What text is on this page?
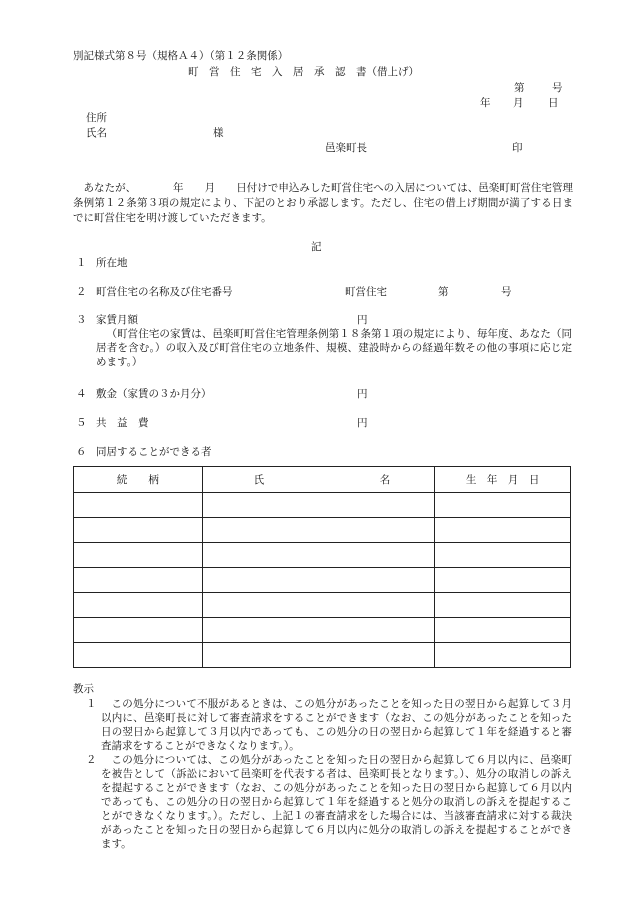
別記様式第８号（規格Ａ４）（第１２条関係）
町　営　住　宅　入　居　承　認　書（借上げ）
第	号
年 月 日
住所
氏名	様
邑楽町長	印
あなたが、　　　　年　　月　　日付けで申込みした町営住宅への入居については、邑楽町町営住宅管理条例第１２条第３項の規定により、下記のとおり承認します。ただし、住宅の借上げ期間が満了する日までに町営住宅を明け渡していただきます。
記
１ 所在地
２ 町営住宅の名称及び住宅番号	町営住宅	第	号
３ 家賃月額	円
（町営住宅の家賃は、邑楽町町営住宅管理条例第１８条第１項の規定により、毎年度、あなた（同居者を含む。）の収入及び町営住宅の立地条件、規模、建設時からの経過年数その他の事項に応じ定めます。）
４ 敷金（家賃の３か月分）	円
５ 共　益　費	円
６ 同居することができる者
続　　柄	氏 名	生　年　月　日

教示
１	この処分について不服があるときは、この処分があったことを知った日の翌日から起算して３月以内に、邑楽町長に対して審査請求をすることができます（なお、この処分があったことを知った日の翌日から起算して３月以内であっても、この処分の日の翌日から起算して１年を経過すると審査請求をすることができなくなります。）。
２	この処分については、この処分があったことを知った日の翌日から起算して６月以内に、邑楽町を被告として（訴訟において邑楽町を代表する者は、邑楽町長となります。）、処分の取消しの訴えを提起することができます（なお、この処分があったことを知った日の翌日から起算して６月以内であっても、この処分の日の翌日から起算して１年を経過すると処分の取消しの訴えを提起することができなくなります。）。ただし、上記１の審査請求をした場合には、当該審査請求に対する裁決があったことを知った日の翌日から起算して６月以内に処分の取消しの訴えを提起することができます。
